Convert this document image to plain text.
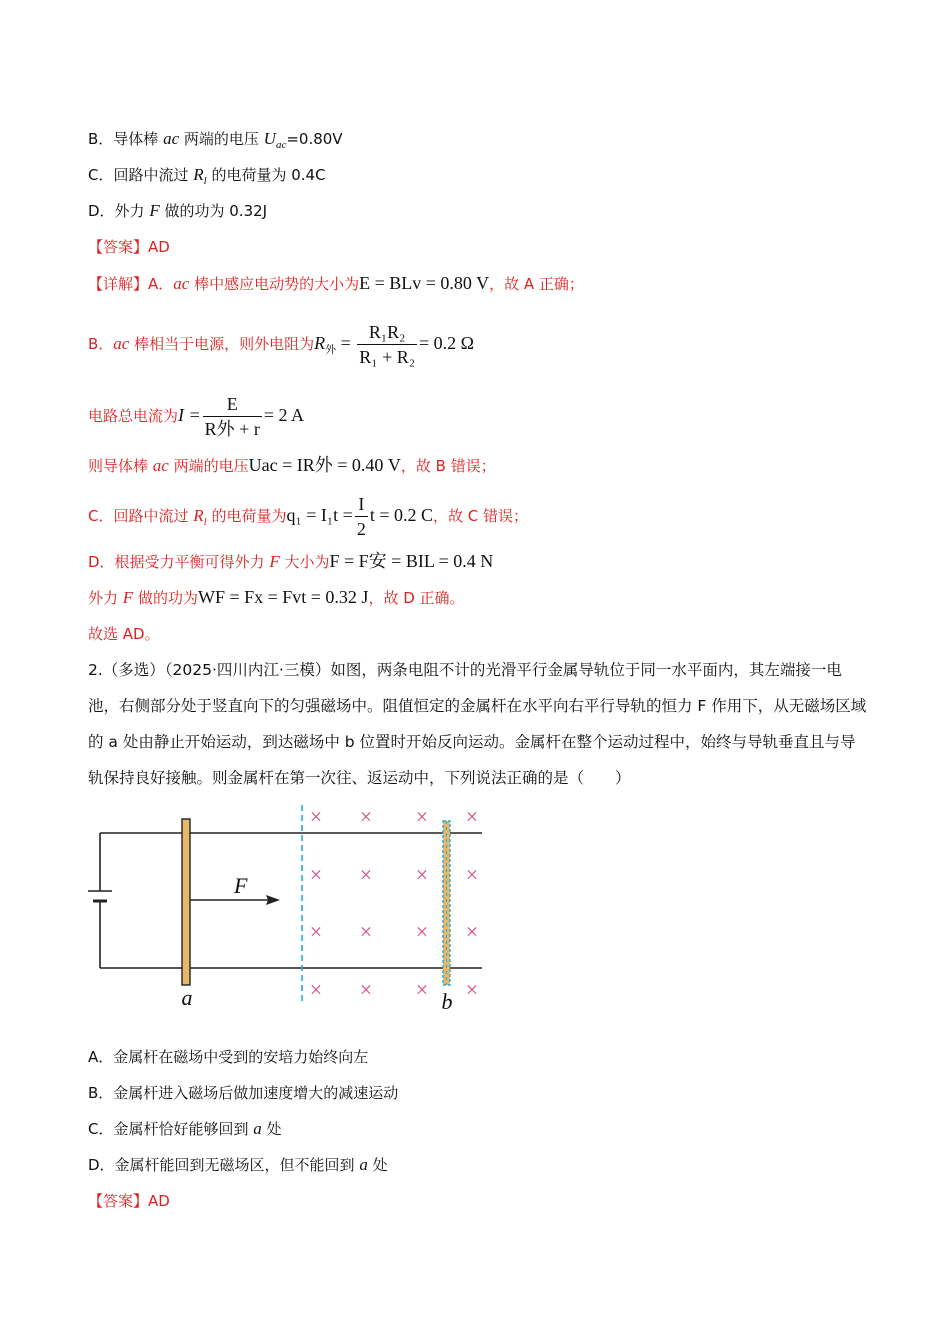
B．导体棒 ac 两端的电压 $U_{ac}=0.80V$
C．回路中流过 $R_l$ 的电荷量为 0.4C
D．外力 F 做的功为 0.32J
【答案】AD
【详解】A．ac 棒中感应电动势的大小为E = BLv = 0.80 V，故 A 正确；
B．ac 棒相当于电源，则外电阻为$R_外 = \frac{\text{R₁R₂}}{\text{R₁ + R₂}} = 0.2$ Ω
电路总电流为$I = \frac{E}{\text{R外 + r}} = 2$ A
则导体棒 ac 两端的电压Uac = IR外 = 0.40 V，故 B 错误；
C．回路中流过 $R_l$ 的电荷量为$q_1 = I_1t = \frac{I}{2}$ t = 0.2 C，故 C 错误；
D．根据受力平衡可得外力 F 大小为F = F安 = BIL = 0.4 N
外力 F 做的功为WF = Fx = Fvt = 0.32 J，故 D 正确。
故选 AD。
2.（多选）（2025·四川内江·三模）如图，两条电阻不计的光滑平行金属导轨位于同一水平面内，其左端接一电池，右侧部分处于竖直向下的匀强磁场中。阻值恒定的金属杆在水平向右平行导轨的恒力 F 作用下，从无磁场区域的 a 处由静止开始运动，到达磁场中 b 位置时开始反向运动。金属杆在整个运动过程中，始终与导轨垂直且与导轨保持良好接触。则金属杆在第一次往、返运动中，下列说法正确的是（　　）
F
a	b
× × × ×
× × × ×
× × × ×
× × × ×
A．金属杆在磁场中受到的安培力始终向左
B．金属杆进入磁场后做加速度增大的减速运动
C．金属杆恰好能够回到 a 处
D．金属杆能回到无磁场区，但不能回到 a 处
【答案】AD
